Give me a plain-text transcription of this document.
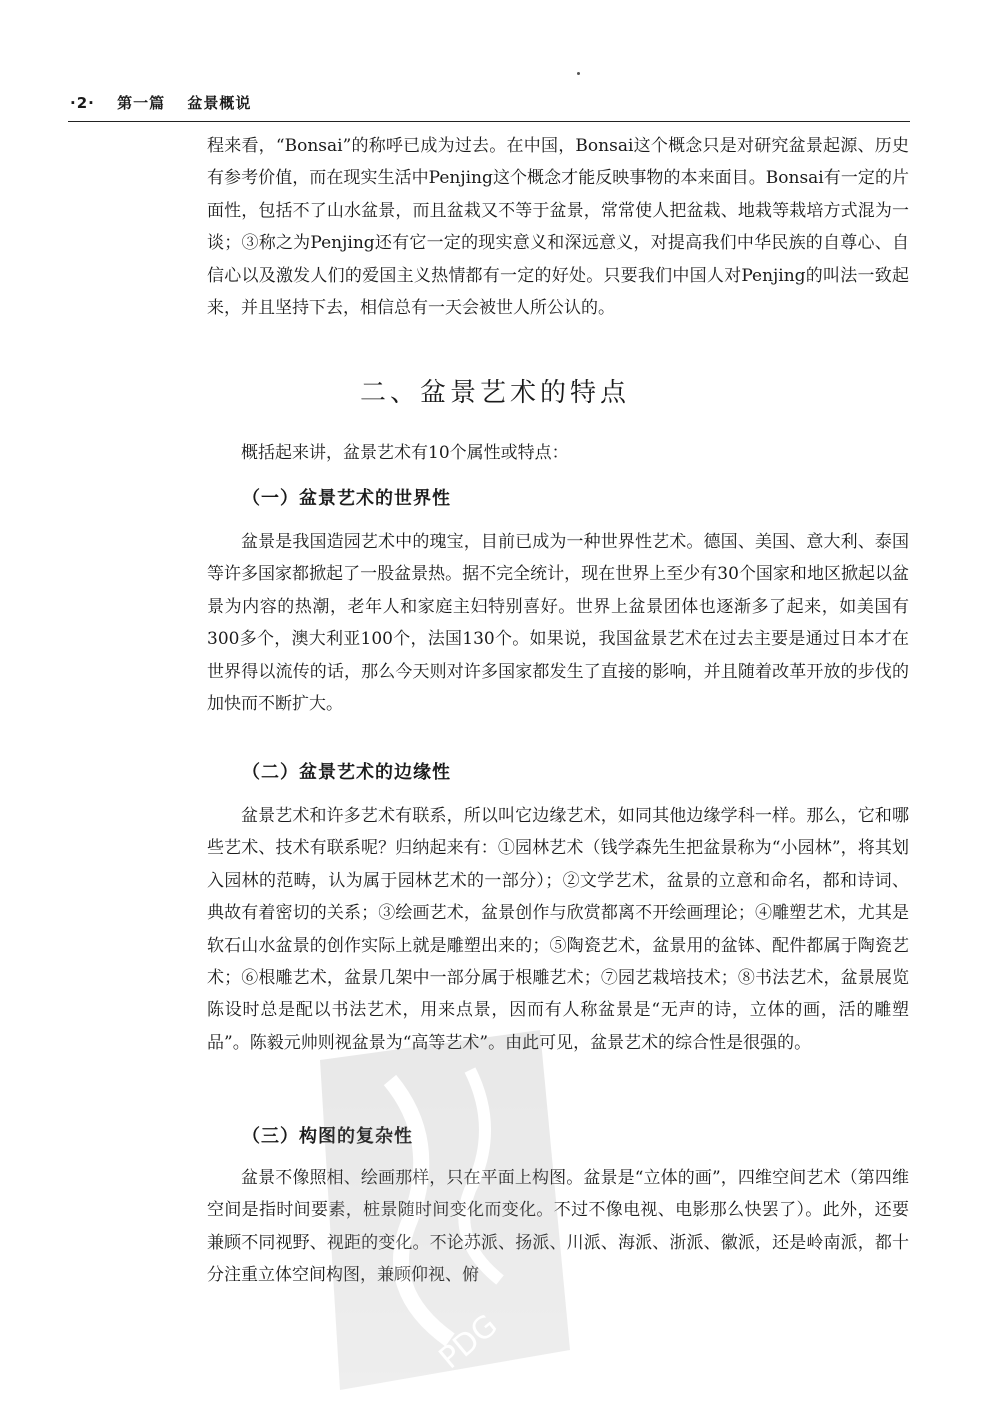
·2· 第一篇 盆景概说

程来看，“Bonsai”的称呼已成为过去。在中国，Bonsai这个概念只是对研究盆景起源、历史有参考价值，而在现实生活中Penjing这个概念才能反映事物的本来面目。Bonsai有一定的片面性，包括不了山水盆景，而且盆栽又不等于盆景，常常使人把盆栽、地栽等栽培方式混为一谈；③称之为Penjing还有它一定的现实意义和深远意义，对提高我们中华民族的自尊心、自信心以及激发人们的爱国主义热情都有一定的好处。只要我们中国人对Penjing的叫法一致起来，并且坚持下去，相信总有一天会被世人所公认的。

二、盆景艺术的特点

概括起来讲，盆景艺术有10个属性或特点：

（一）盆景艺术的世界性

盆景是我国造园艺术中的瑰宝，目前已成为一种世界性艺术。德国、美国、意大利、泰国等许多国家都掀起了一股盆景热。据不完全统计，现在世界上至少有30个国家和地区掀起以盆景为内容的热潮，老年人和家庭主妇特别喜好。世界上盆景团体也逐渐多了起来，如美国有300多个，澳大利亚100个，法国130个。如果说，我国盆景艺术在过去主要是通过日本才在世界得以流传的话，那么今天则对许多国家都发生了直接的影响，并且随着改革开放的步伐的加快而不断扩大。

（二）盆景艺术的边缘性

盆景艺术和许多艺术有联系，所以叫它边缘艺术，如同其他边缘学科一样。那么，它和哪些艺术、技术有联系呢？归纳起来有：①园林艺术（钱学森先生把盆景称为“小园林”，将其划入园林的范畴，认为属于园林艺术的一部分）；②文学艺术，盆景的立意和命名，都和诗词、典故有着密切的关系；③绘画艺术，盆景创作与欣赏都离不开绘画理论；④雕塑艺术，尤其是软石山水盆景的创作实际上就是雕塑出来的；⑤陶瓷艺术，盆景用的盆钵、配件都属于陶瓷艺术；⑥根雕艺术，盆景几架中一部分属于根雕艺术；⑦园艺栽培技术；⑧书法艺术，盆景展览陈设时总是配以书法艺术，用来点景，因而有人称盆景是“无声的诗，立体的画，活的雕塑品”。陈毅元帅则视盆景为“高等艺术”。由此可见，盆景艺术的综合性是很强的。

（三）构图的复杂性

盆景不像照相、绘画那样，只在平面上构图。盆景是“立体的画”，四维空间艺术（第四维空间是指时间要素，桩景随时间变化而变化。不过不像电视、电影那么快罢了）。此外，还要兼顾不同视野、视距的变化。不论苏派、扬派、川派、海派、浙派、徽派，还是岭南派，都十分注重立体空间构图，兼顾仰视、俯

PDG
